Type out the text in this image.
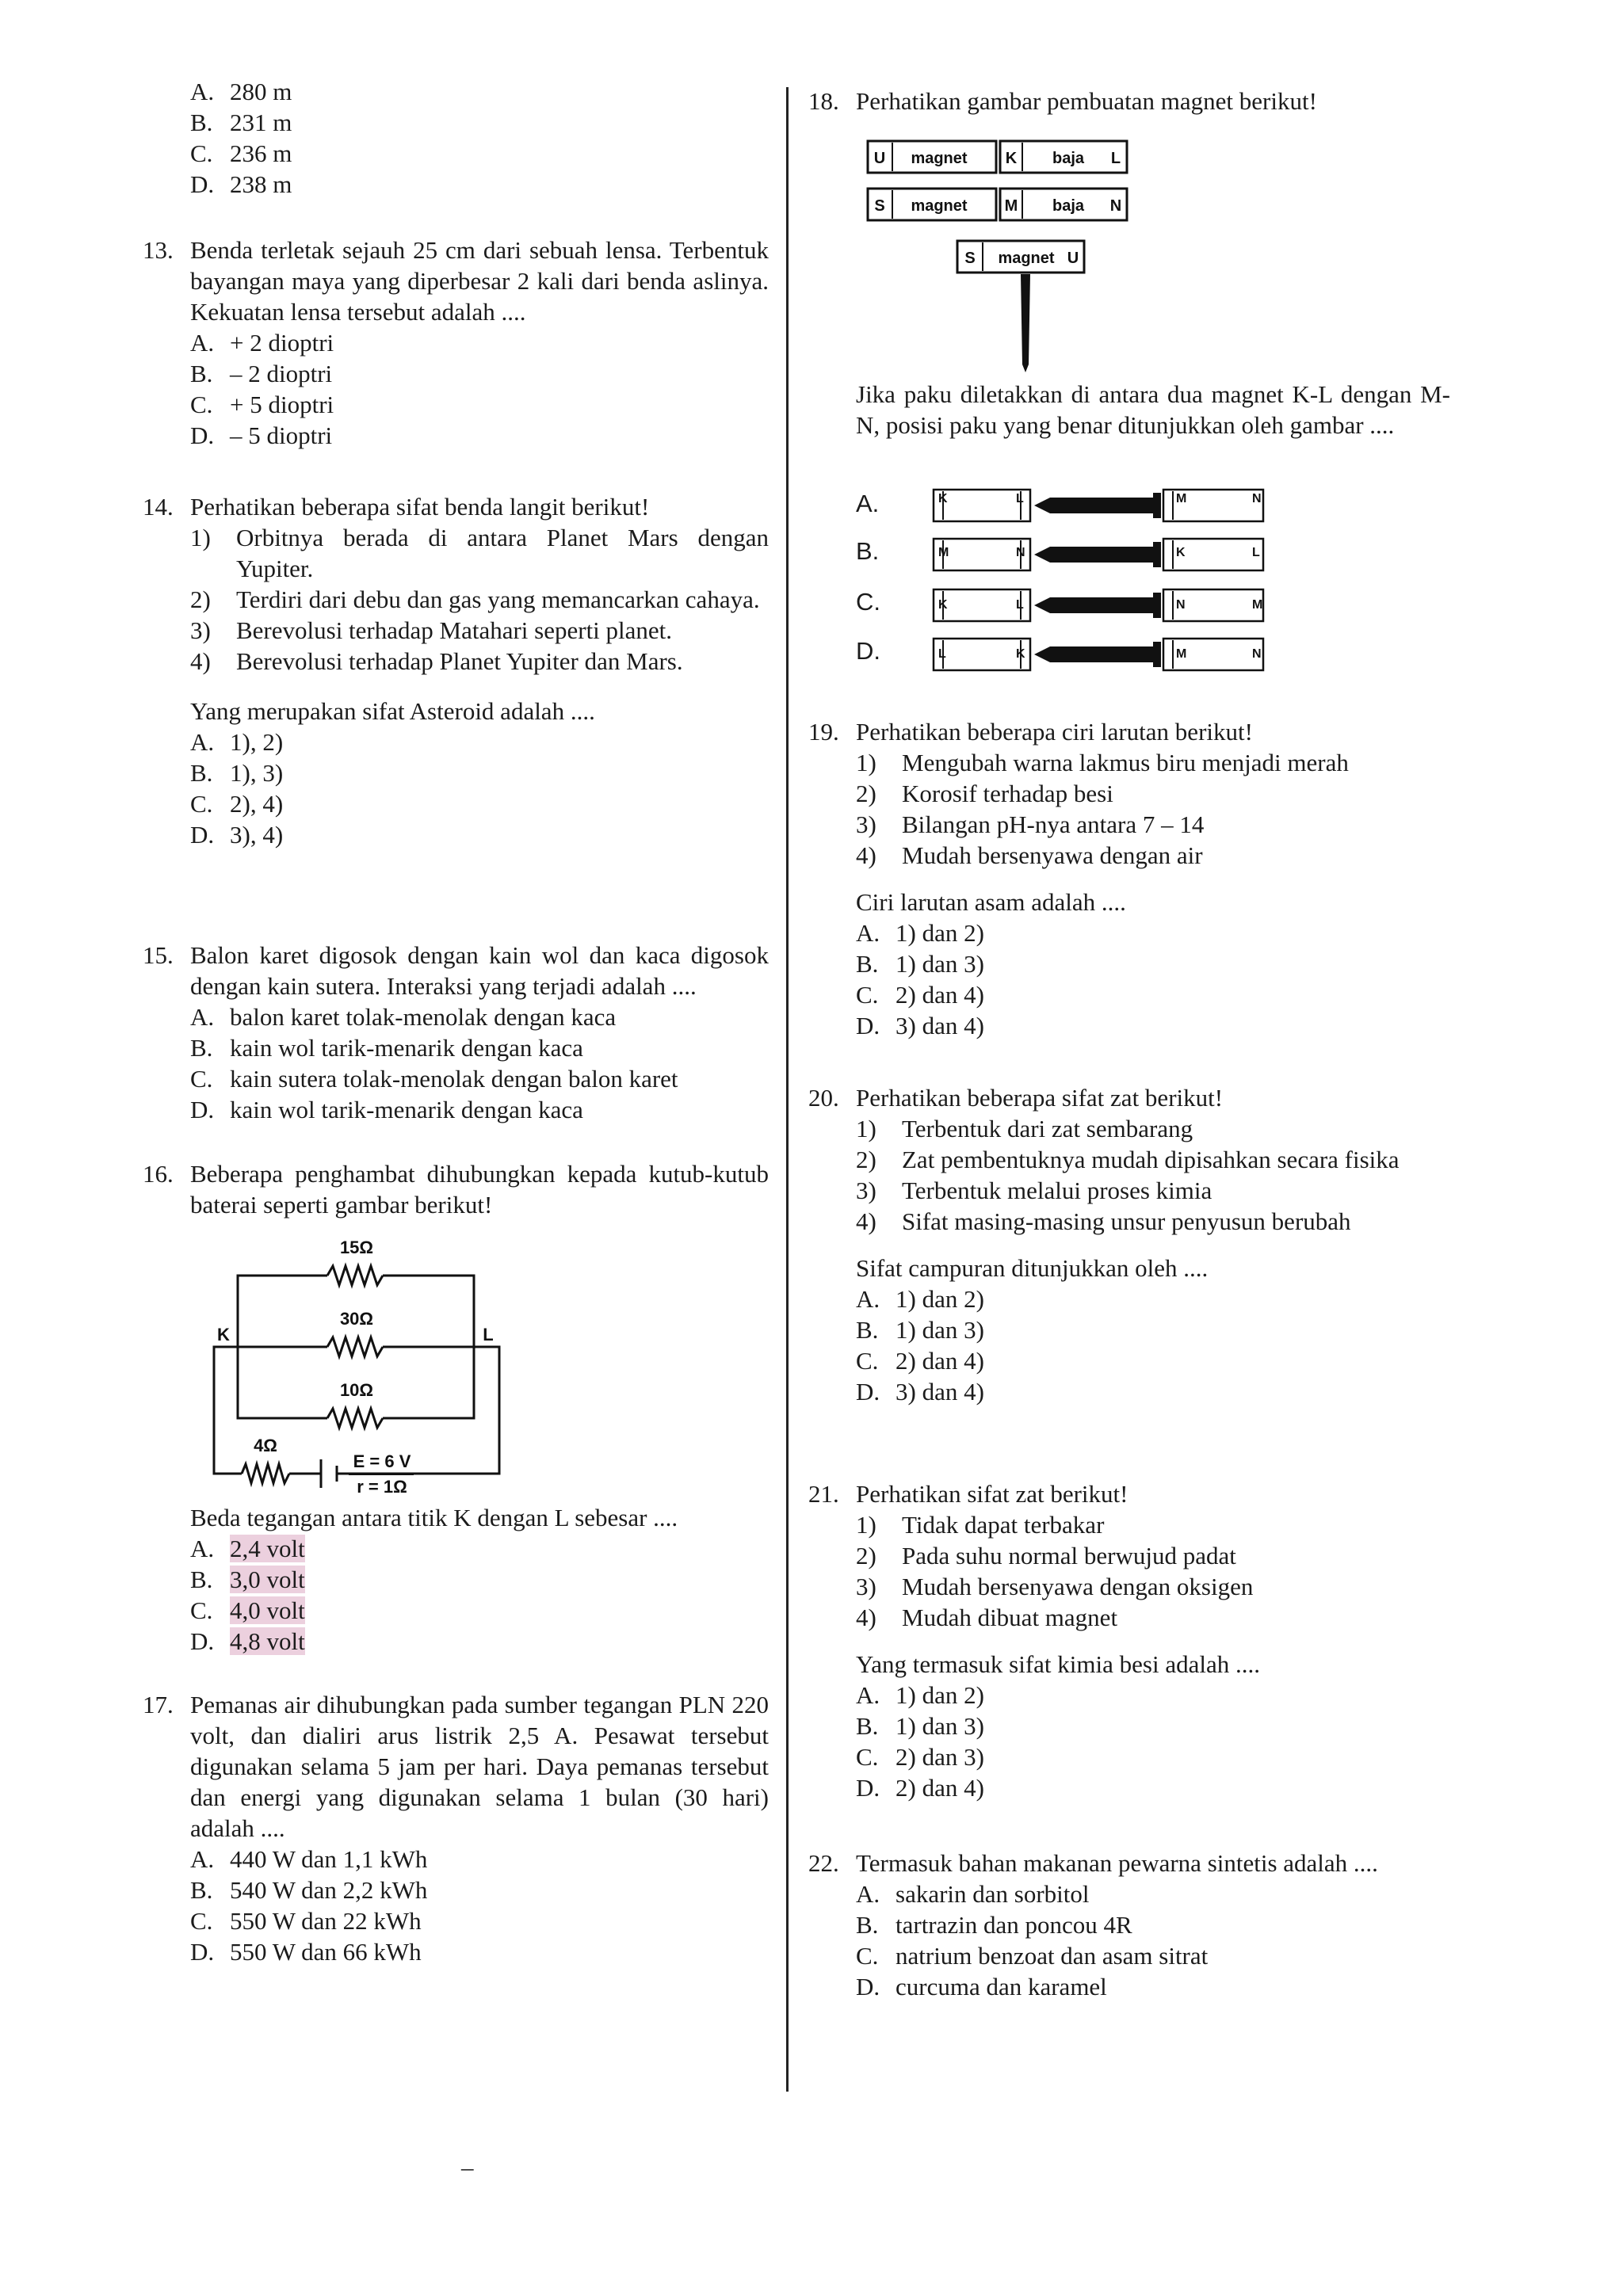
A. 280 m
B. 231 m
C. 236 m
D. 238 m
13. Benda terletak sejauh 25 cm dari sebuah lensa. Terbentuk bayangan maya yang diperbesar 2 kali dari benda aslinya. Kekuatan lensa tersebut adalah ....
A. + 2 dioptri
B. – 2 dioptri
C. + 5 dioptri
D. – 5 dioptri
14. Perhatikan beberapa sifat benda langit berikut!
1) Orbitnya berada di antara Planet Mars dengan Yupiter.
2) Terdiri dari debu dan gas yang memancarkan cahaya.
3) Berevolusi terhadap Matahari seperti planet.
4) Berevolusi terhadap Planet Yupiter dan Mars.
Yang merupakan sifat Asteroid adalah ....
A. 1), 2)
B. 1), 3)
C. 2), 4)
D. 3), 4)
15. Balon karet digosok dengan kain wol dan kaca digosok dengan kain sutera. Interaksi yang terjadi adalah ....
A. balon karet tolak-menolak dengan kaca
B. kain wol tarik-menarik dengan kaca
C. kain sutera tolak-menolak dengan balon karet
D. kain wol tarik-menarik dengan kaca
16. Beberapa penghambat dihubungkan kepada kutub-kutub baterai seperti gambar berikut!
15Ω
30Ω
10Ω
4Ω
K	L
E = 6 V
r = 1Ω
Beda tegangan antara titik K dengan L sebesar ....
A. 2,4 volt
B. 3,0 volt
C. 4,0 volt
D. 4,8 volt
17. Pemanas air dihubungkan pada sumber tegangan PLN 220 volt, dan dialiri arus listrik 2,5 A. Pesawat tersebut digunakan selama 5 jam per hari. Daya pemanas tersebut dan energi yang digunakan selama 1 bulan (30 hari) adalah ....
A. 440 W dan 1,1 kWh
B. 540 W dan 2,2 kWh
C. 550 W dan 22 kWh
D. 550 W dan 66 kWh
18. Perhatikan gambar pembuatan magnet berikut!
U magnet K baja L
S magnet M baja N
S magnet U
Jika paku diletakkan di antara dua magnet K-L dengan M-N, posisi paku yang benar ditunjukkan oleh gambar ....
A.
B.
C.
D.
K	L	M	N
M	N	K	L
K	L	N	M
L	K	M	N
19. Perhatikan beberapa ciri larutan berikut!
1) Mengubah warna lakmus biru menjadi merah
2) Korosif terhadap besi
3) Bilangan pH-nya antara 7 – 14
4) Mudah bersenyawa dengan air
Ciri larutan asam adalah ....
A. 1) dan 2)
B. 1) dan 3)
C. 2) dan 4)
D. 3) dan 4)
20. Perhatikan beberapa sifat zat berikut!
1) Terbentuk dari zat sembarang
2) Zat pembentuknya mudah dipisahkan secara fisika
3) Terbentuk melalui proses kimia
4) Sifat masing-masing unsur penyusun berubah
Sifat campuran ditunjukkan oleh ....
A. 1) dan 2)
B. 1) dan 3)
C. 2) dan 4)
D. 3) dan 4)
21. Perhatikan sifat zat berikut!
1) Tidak dapat terbakar
2) Pada suhu normal berwujud padat
3) Mudah bersenyawa dengan oksigen
4) Mudah dibuat magnet
Yang termasuk sifat kimia besi adalah ....
A. 1) dan 2)
B. 1) dan 3)
C. 2) dan 3)
D. 2) dan 4)
22. Termasuk bahan makanan pewarna sintetis adalah ....
A. sakarin dan sorbitol
B. tartrazin dan poncou 4R
C. natrium benzoat dan asam sitrat
D. curcuma dan karamel
–
